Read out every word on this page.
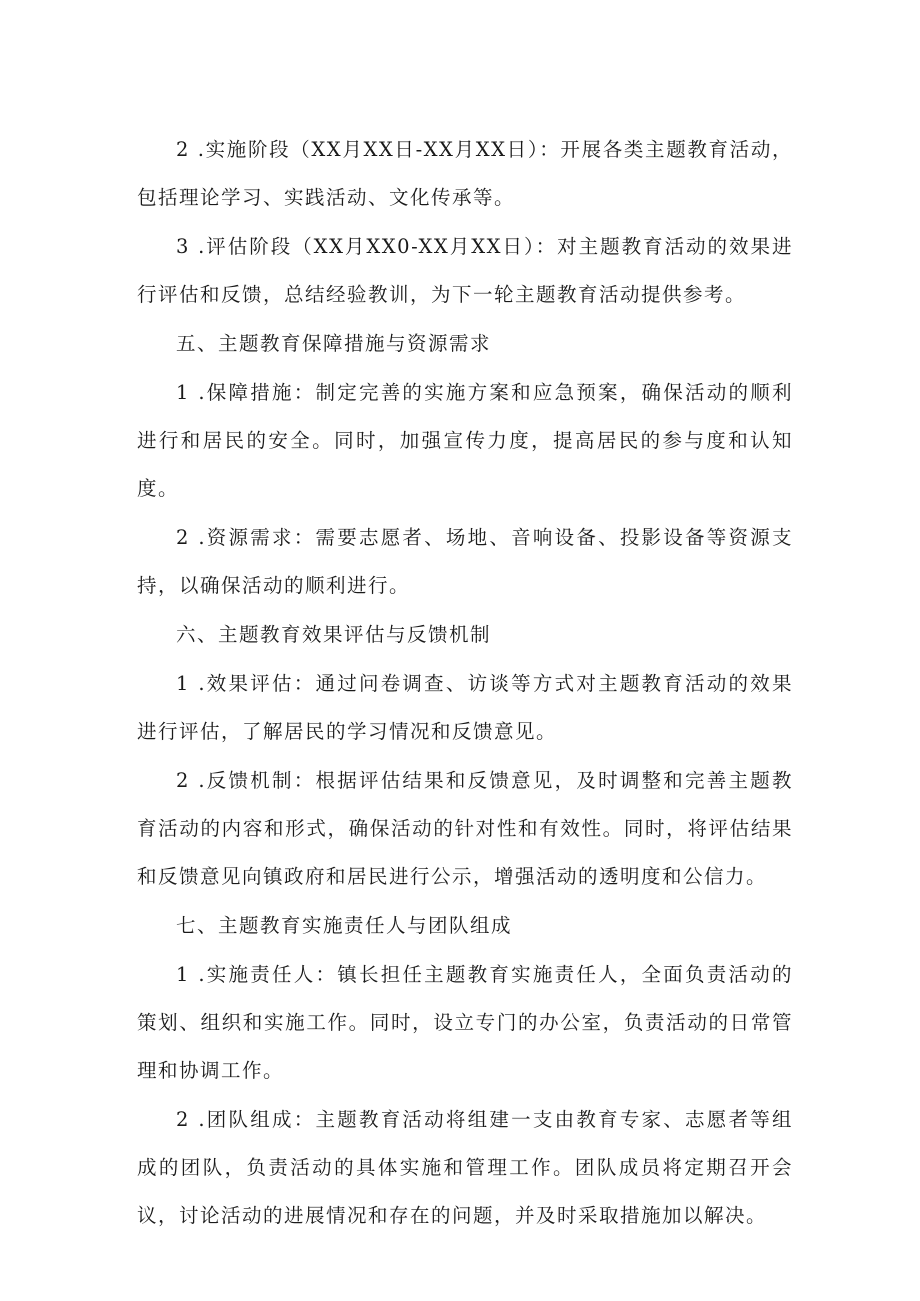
2 .实施阶段（XX月XX日-XX月XX日）：开展各类主题教育活动，包括理论学习、实践活动、文化传承等。

3 .评估阶段（XX月XX0-XX月XX日）：对主题教育活动的效果进行评估和反馈，总结经验教训，为下一轮主题教育活动提供参考。

五、主题教育保障措施与资源需求

1 .保障措施：制定完善的实施方案和应急预案，确保活动的顺利进行和居民的安全。同时，加强宣传力度，提高居民的参与度和认知度。

2 .资源需求：需要志愿者、场地、音响设备、投影设备等资源支持，以确保活动的顺利进行。

六、主题教育效果评估与反馈机制

1 .效果评估：通过问卷调查、访谈等方式对主题教育活动的效果进行评估，了解居民的学习情况和反馈意见。

2 .反馈机制：根据评估结果和反馈意见，及时调整和完善主题教育活动的内容和形式，确保活动的针对性和有效性。同时，将评估结果和反馈意见向镇政府和居民进行公示，增强活动的透明度和公信力。

七、主题教育实施责任人与团队组成

1 .实施责任人：镇长担任主题教育实施责任人，全面负责活动的策划、组织和实施工作。同时，设立专门的办公室，负责活动的日常管理和协调工作。

2 .团队组成：主题教育活动将组建一支由教育专家、志愿者等组成的团队，负责活动的具体实施和管理工作。团队成员将定期召开会议，讨论活动的进展情况和存在的问题，并及时采取措施加以解决。
